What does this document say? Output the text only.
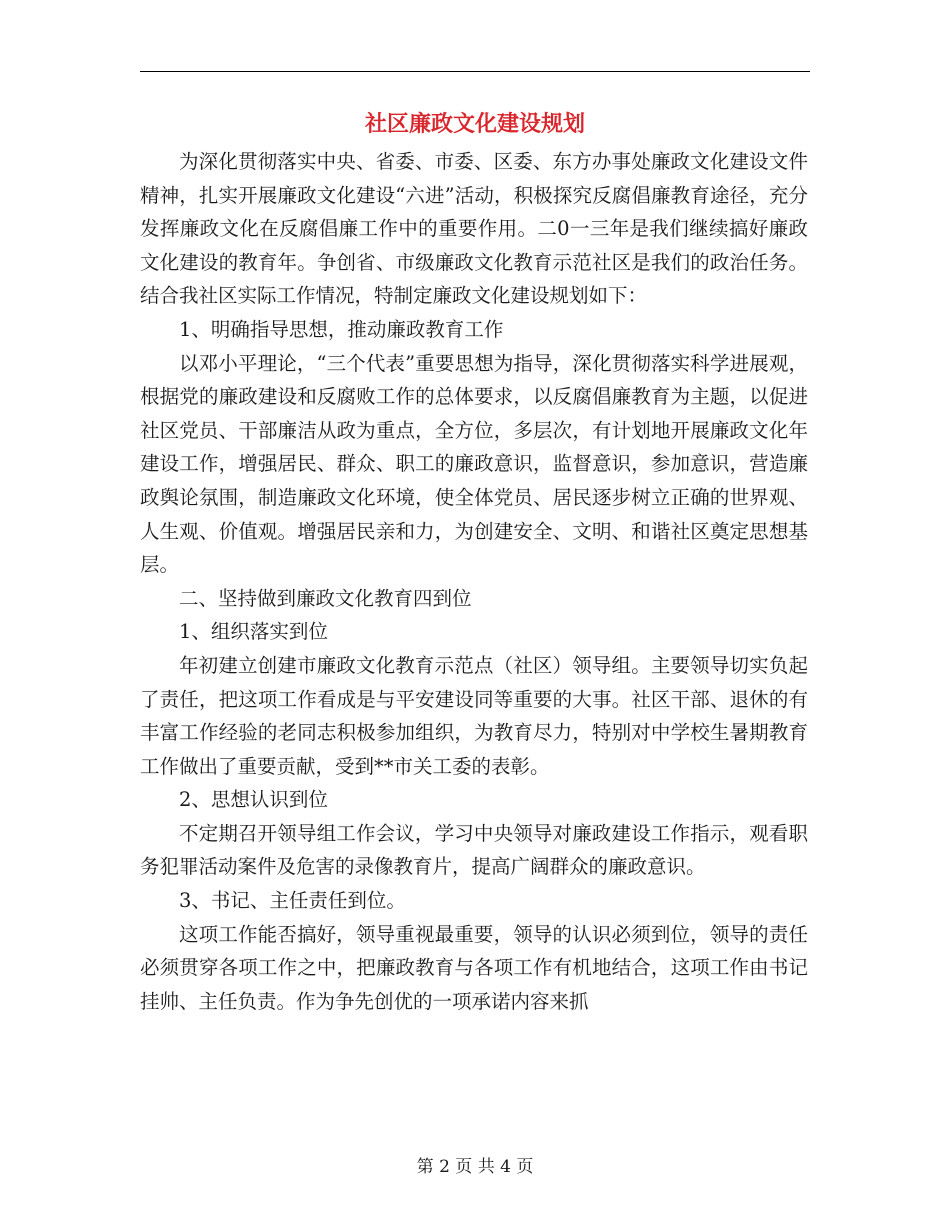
社区廉政文化建设规划

为深化贯彻落实中央、省委、市委、区委、东方办事处廉政文化建设文件精神，扎实开展廉政文化建设“六进”活动，积极探究反腐倡廉教育途径，充分发挥廉政文化在反腐倡廉工作中的重要作用。二0一三年是我们继续搞好廉政文化建设的教育年。争创省、市级廉政文化教育示范社区是我们的政治任务。结合我社区实际工作情况，特制定廉政文化建设规划如下：

1、明确指导思想，推动廉政教育工作

以邓小平理论，“三个代表”重要思想为指导，深化贯彻落实科学进展观，根据党的廉政建设和反腐败工作的总体要求，以反腐倡廉教育为主题，以促进社区党员、干部廉洁从政为重点，全方位，多层次，有计划地开展廉政文化年建设工作，增强居民、群众、职工的廉政意识，监督意识，参加意识，营造廉政舆论氛围，制造廉政文化环境，使全体党员、居民逐步树立正确的世界观、人生观、价值观。增强居民亲和力，为创建安全、文明、和谐社区奠定思想基层。

二、坚持做到廉政文化教育四到位

1、组织落实到位

年初建立创建市廉政文化教育示范点（社区）领导组。主要领导切实负起了责任，把这项工作看成是与平安建设同等重要的大事。社区干部、退休的有丰富工作经验的老同志积极参加组织，为教育尽力，特别对中学校生暑期教育工作做出了重要贡献，受到**市关工委的表彰。

2、思想认识到位

不定期召开领导组工作会议，学习中央领导对廉政建设工作指示，观看职务犯罪活动案件及危害的录像教育片，提高广阔群众的廉政意识。

3、书记、主任责任到位。

这项工作能否搞好，领导重视最重要，领导的认识必须到位，领导的责任必须贯穿各项工作之中，把廉政教育与各项工作有机地结合，这项工作由书记挂帅、主任负责。作为争先创优的一项承诺内容来抓

第 2 页 共 4 页
